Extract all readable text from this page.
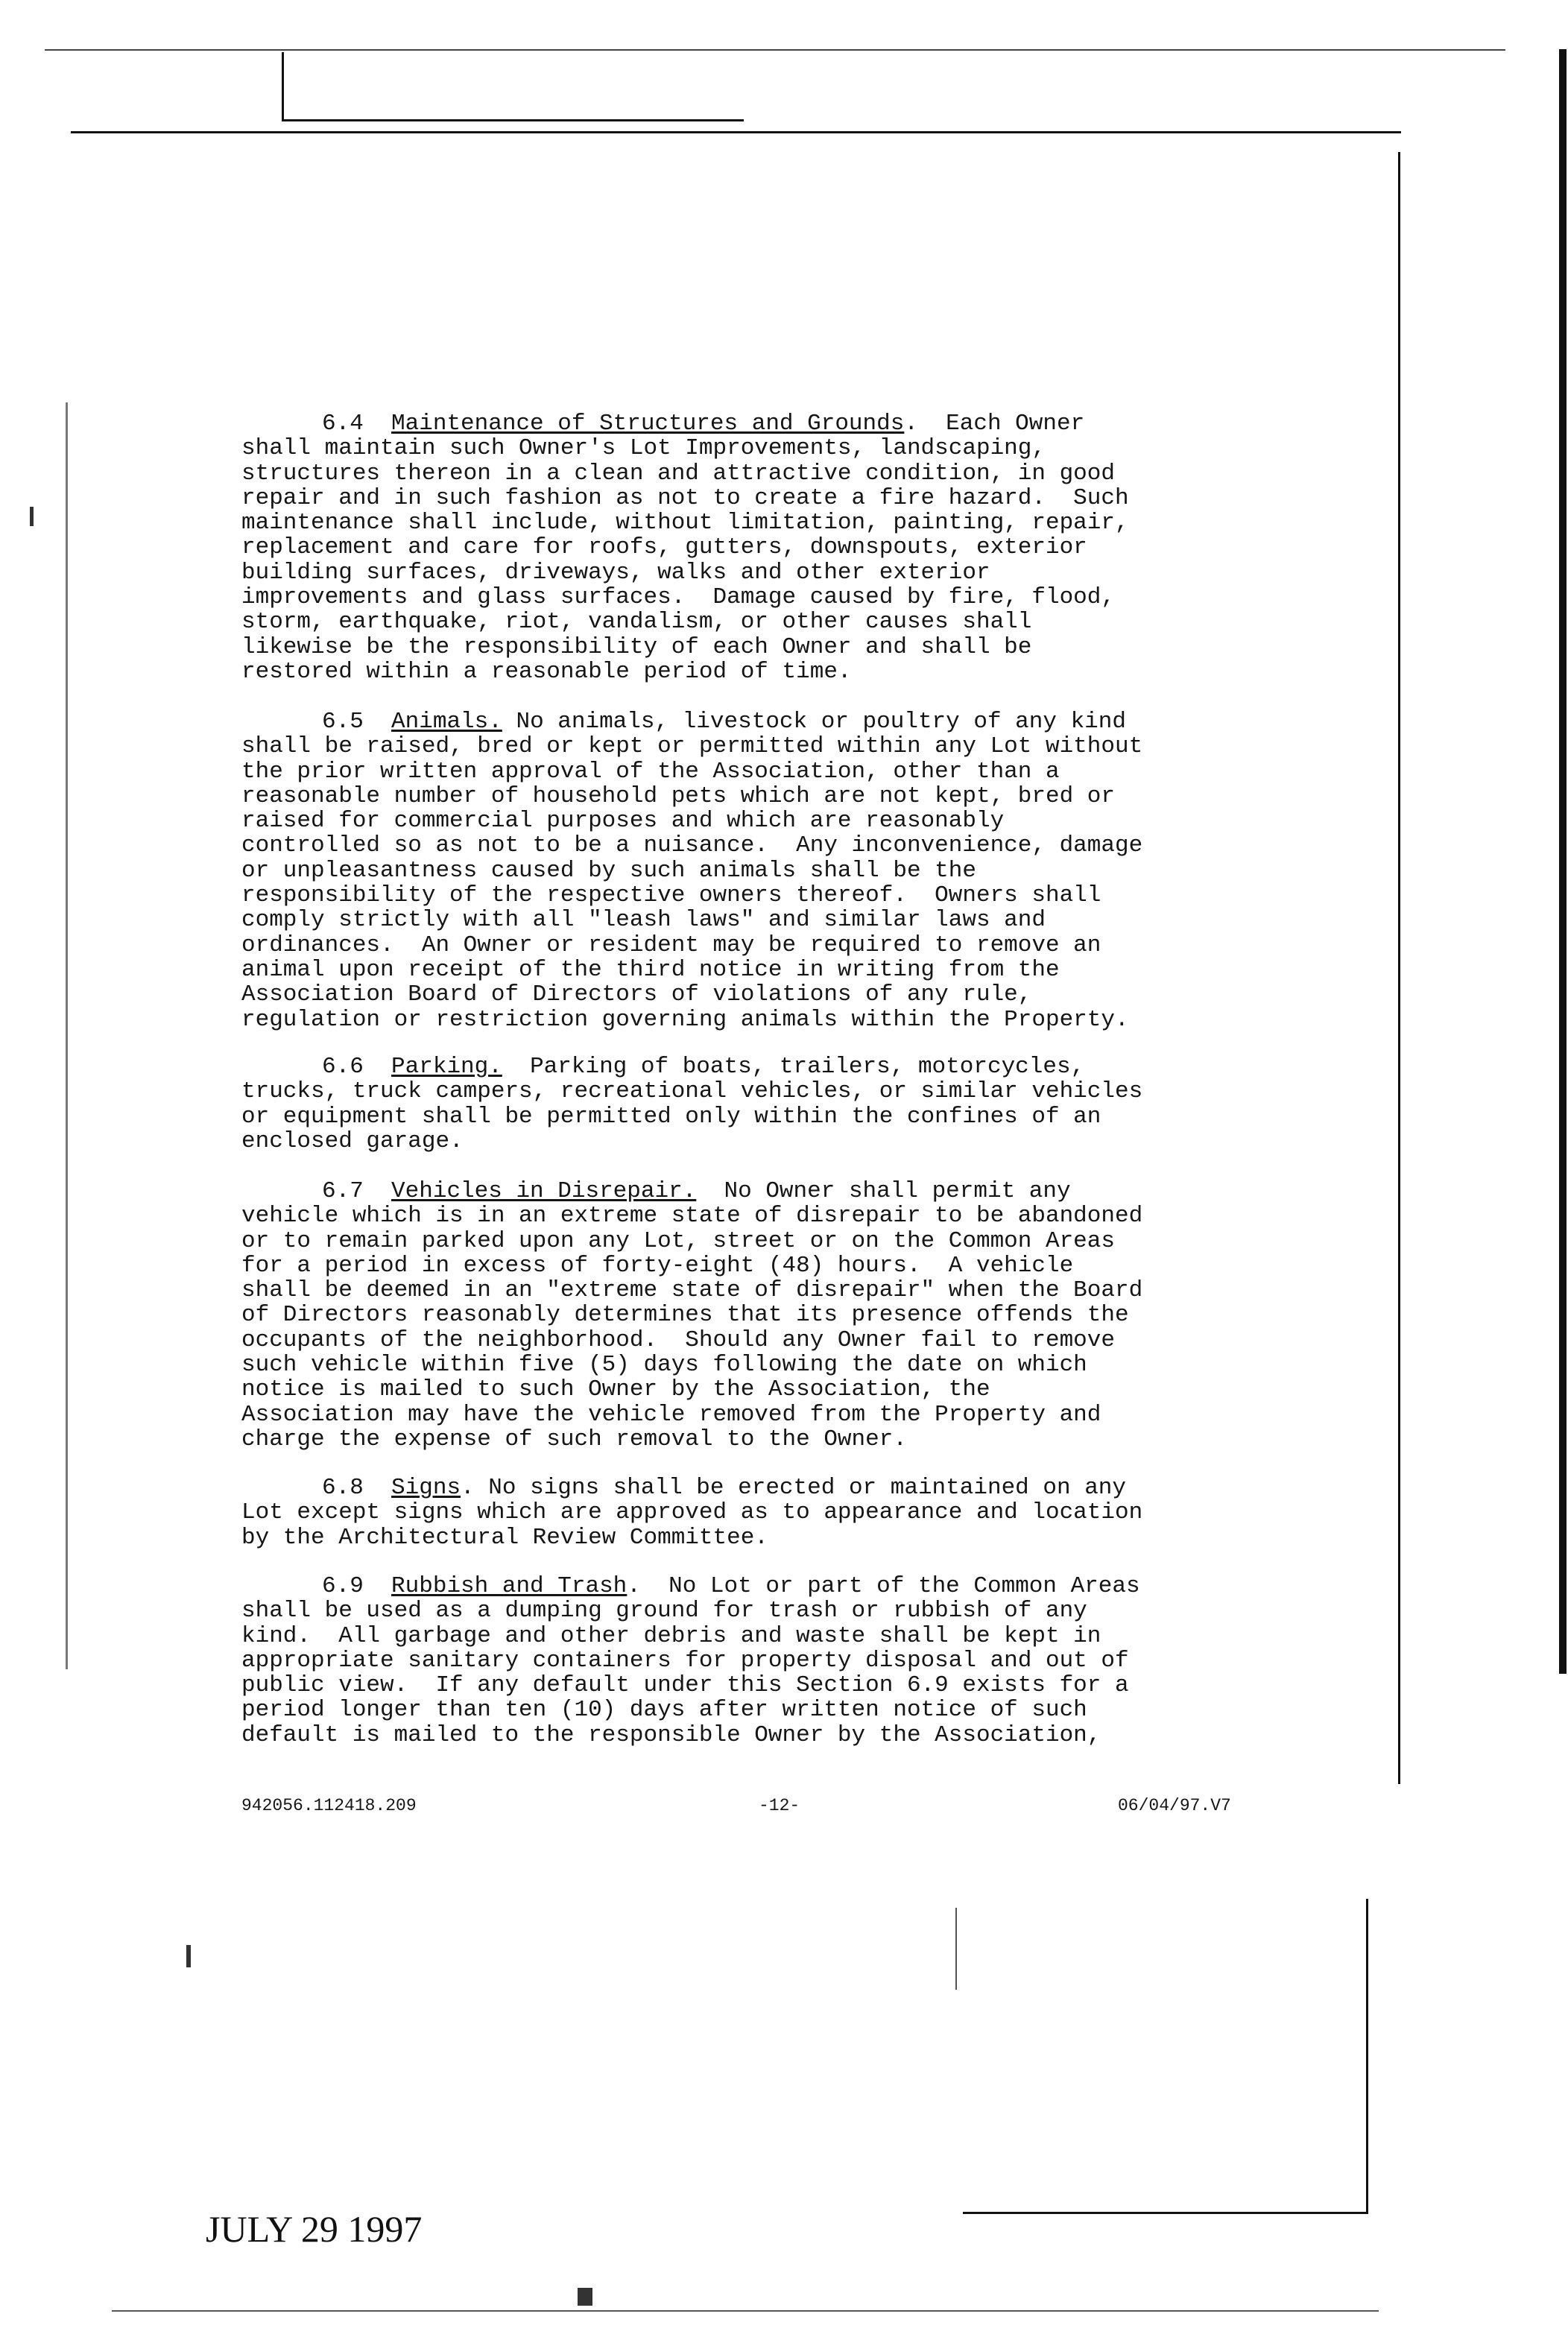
6.4 Maintenance of Structures and Grounds.  Each Owner
shall maintain such Owner's Lot Improvements, landscaping,
structures thereon in a clean and attractive condition, in good
repair and in such fashion as not to create a fire hazard.  Such
maintenance shall include, without limitation, painting, repair,
replacement and care for roofs, gutters, downspouts, exterior
building surfaces, driveways, walks and other exterior
improvements and glass surfaces.  Damage caused by fire, flood,
storm, earthquake, riot, vandalism, or other causes shall
likewise be the responsibility of each Owner and shall be
restored within a reasonable period of time.
6.5 Animals. No animals, livestock or poultry of any kind
shall be raised, bred or kept or permitted within any Lot without
the prior written approval of the Association, other than a
reasonable number of household pets which are not kept, bred or
raised for commercial purposes and which are reasonably
controlled so as not to be a nuisance.  Any inconvenience, damage
or unpleasantness caused by such animals shall be the
responsibility of the respective owners thereof.  Owners shall
comply strictly with all "leash laws" and similar laws and
ordinances.  An Owner or resident may be required to remove an
animal upon receipt of the third notice in writing from the
Association Board of Directors of violations of any rule,
regulation or restriction governing animals within the Property.
6.6 Parking.  Parking of boats, trailers, motorcycles,
trucks, truck campers, recreational vehicles, or similar vehicles
or equipment shall be permitted only within the confines of an
enclosed garage.
6.7 Vehicles in Disrepair.  No Owner shall permit any
vehicle which is in an extreme state of disrepair to be abandoned
or to remain parked upon any Lot, street or on the Common Areas
for a period in excess of forty-eight (48) hours.  A vehicle
shall be deemed in an "extreme state of disrepair" when the Board
of Directors reasonably determines that its presence offends the
occupants of the neighborhood.  Should any Owner fail to remove
such vehicle within five (5) days following the date on which
notice is mailed to such Owner by the Association, the
Association may have the vehicle removed from the Property and
charge the expense of such removal to the Owner.
6.8 Signs. No signs shall be erected or maintained on any
Lot except signs which are approved as to appearance and location
by the Architectural Review Committee.
6.9 Rubbish and Trash.  No Lot or part of the Common Areas
shall be used as a dumping ground for trash or rubbish of any
kind.  All garbage and other debris and waste shall be kept in
appropriate sanitary containers for property disposal and out of
public view.  If any default under this Section 6.9 exists for a
period longer than ten (10) days after written notice of such
default is mailed to the responsible Owner by the Association,
942056.112418.209	-12-	06/04/97.V7
JULY 29 1997
